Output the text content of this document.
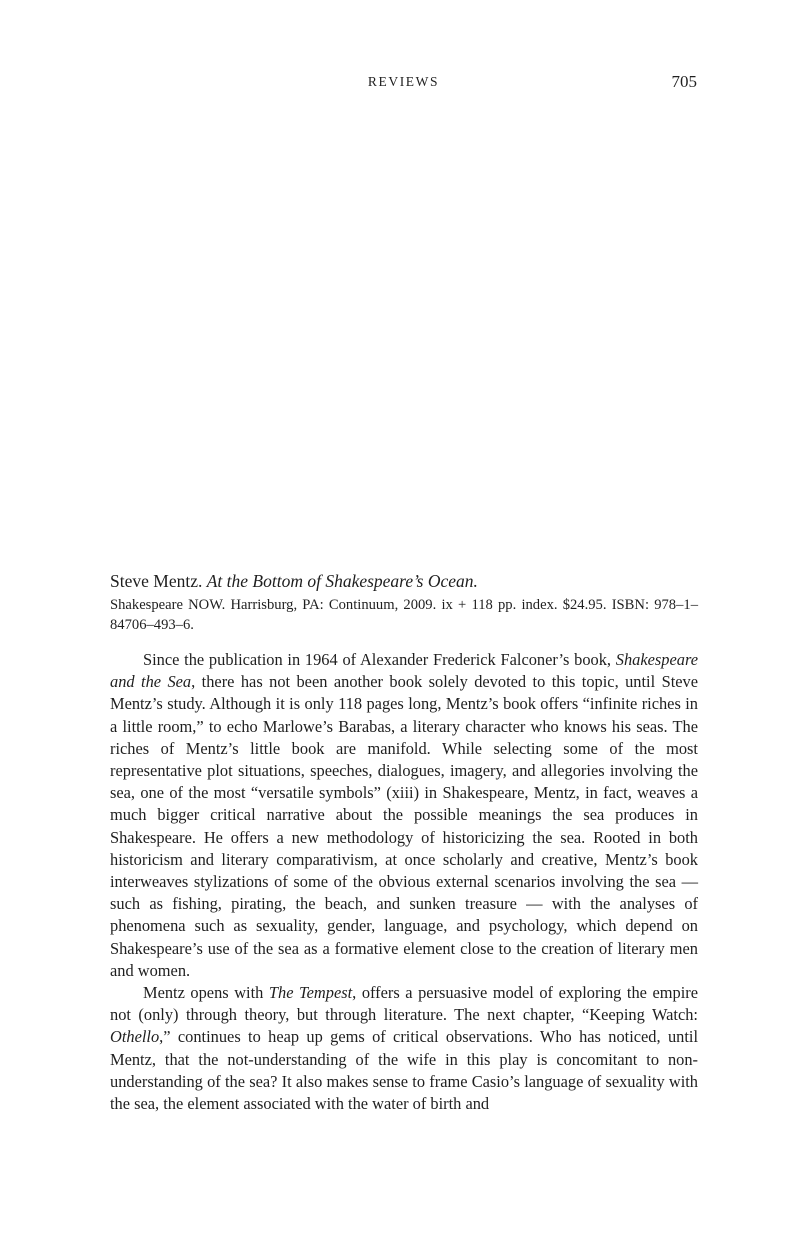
REVIEWS	705
Steve Mentz. At the Bottom of Shakespeare’s Ocean.
Shakespeare NOW. Harrisburg, PA: Continuum, 2009. ix + 118 pp. index. $24.95. ISBN: 978–1–84706–493–6.

Since the publication in 1964 of Alexander Frederick Falconer’s book, Shakespeare and the Sea, there has not been another book solely devoted to this topic, until Steve Mentz’s study. Although it is only 118 pages long, Mentz’s book offers “infinite riches in a little room,” to echo Marlowe’s Barabas, a literary character who knows his seas. The riches of Mentz’s little book are manifold. While selecting some of the most representative plot situations, speeches, dialogues, imagery, and allegories involving the sea, one of the most “versatile symbols” (xiii) in Shakespeare, Mentz, in fact, weaves a much bigger critical narrative about the possible meanings the sea produces in Shakespeare. He offers a new methodology of historicizing the sea. Rooted in both historicism and literary comparativism, at once scholarly and creative, Mentz’s book interweaves stylizations of some of the obvious external scenarios involving the sea — such as fishing, pirating, the beach, and sunken treasure — with the analyses of phenomena such as sexuality, gender, language, and psychology, which depend on Shakespeare’s use of the sea as a formative element close to the creation of literary men and women.

Mentz opens with The Tempest, offers a persuasive model of exploring the empire not (only) through theory, but through literature. The next chapter, “Keeping Watch: Othello,” continues to heap up gems of critical observations. Who has noticed, until Mentz, that the not-understanding of the wife in this play is concomitant to non-understanding of the sea? It also makes sense to frame Casio’s language of sexuality with the sea, the element associated with the water of birth and
